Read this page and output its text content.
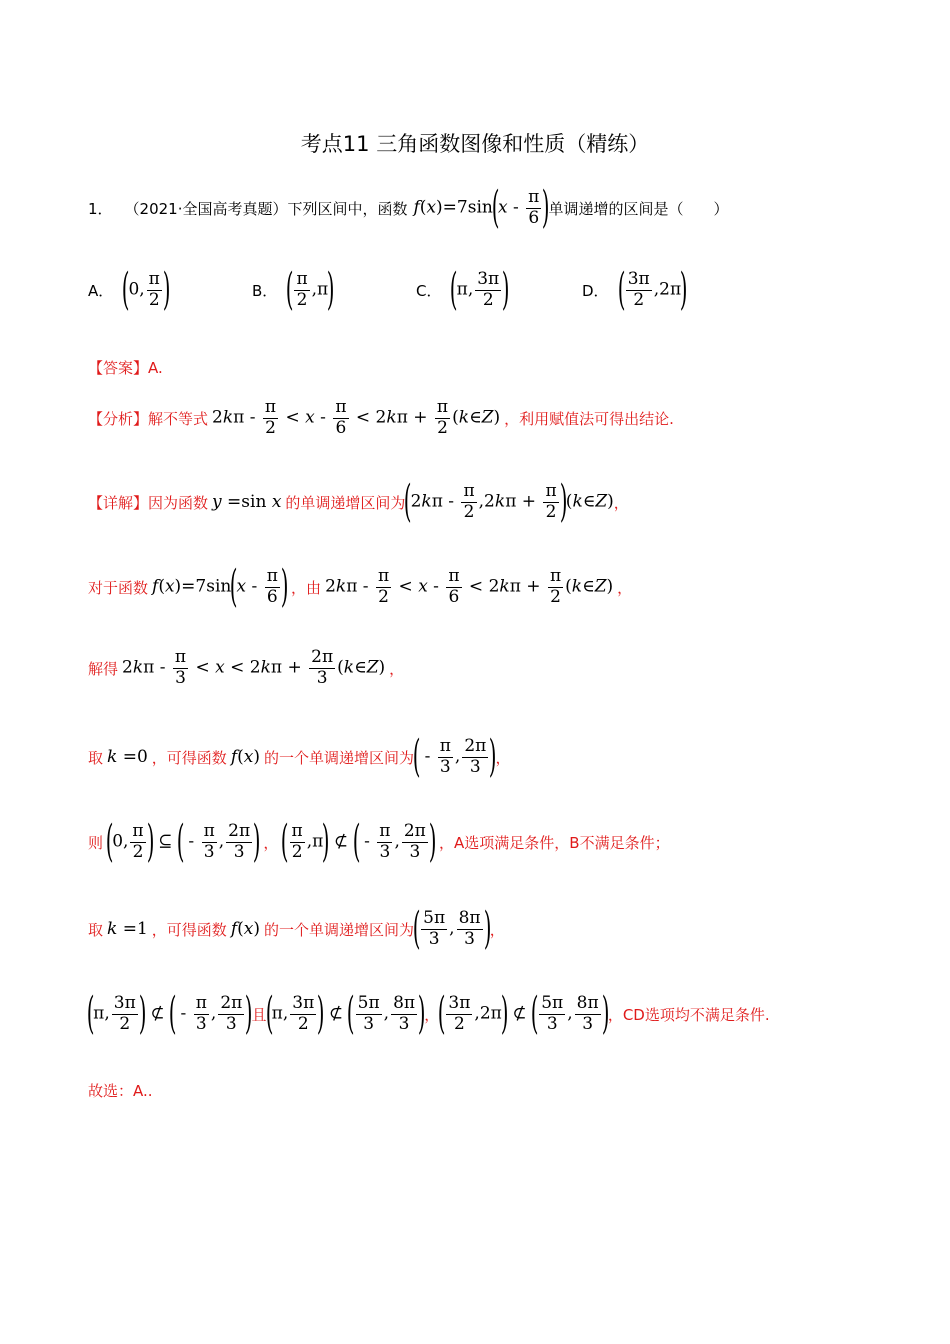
考点11 三角函数图像和性质（精练）
1． （2021·全国高考真题）下列区间中，函数 $f(x)=7\sin(x - \frac{\pi}{6}$ )
单调递增的区间是（　　）
A． (0, $\frac{\pi}{2}$ )	B． ( $\frac{\pi}{2} ,\pi$)	C． (π, $\frac{3\pi}{2}$ )	D． ( $\frac{3\pi}{2} ,2\pi$)
【答案】A.
【分析】 解不等式 $2k\pi - \frac{\pi}{2} < x - \frac{\pi}{6} < 2k\pi + \frac{\pi}{2}$ (k∈Z) ，利用赋值法可得出结论.
【详解】 因为函数 y =sin x 的单调递增区间为
($2k\pi - \frac{\pi}{2} ,2k\pi + \frac{\pi}{2}$ )(k∈Z) ，
对于函数 $f(x)=7\sin(x - \frac{\pi}{6}$ ) ，由 $2k\pi - \frac{\pi}{2} < x - \frac{\pi}{6} < 2k\pi + \frac{\pi}{2}$ (k∈Z) ，
解得 $2k\pi - \frac{\pi}{3} < x < 2k\pi + \frac{2\pi}{3}$ (k∈Z) ，
取 k =0 ，可得函数 f(x) 的一个单调递增区间为
( - $\frac{\pi}{3}$ , $\frac{2\pi}{3}$ )
，
则 (0, $\frac{\pi}{2}$ ) ⊆ ( - $\frac{\pi}{3}$ , $\frac{2\pi}{3}$ ) ， ( $\frac{\pi}{2} ,\pi$) ⊄ ( - $\frac{\pi}{3}$ , $\frac{2\pi}{3}$ ) ，A选项满足条件，B不满足条件；
取 k =1 ，可得函数 f(x) 的一个单调递增区间为
( $\frac{5\pi}{3}$ , $\frac{8\pi}{3}$ )
，
(π, $\frac{3\pi}{2}$ ) ⊄ ( - $\frac{\pi}{3}$ , $\frac{2\pi}{3}$ )
且
(π, $\frac{3\pi}{2}$ ) ⊄ ( $\frac{5\pi}{3}$ , $\frac{8\pi}{3}$ )
，
( $\frac{3\pi}{2} ,2\pi$) ⊄ ( $\frac{5\pi}{3}$ , $\frac{8\pi}{3}$ )
，CD选项均不满足条件.
故选：A..
